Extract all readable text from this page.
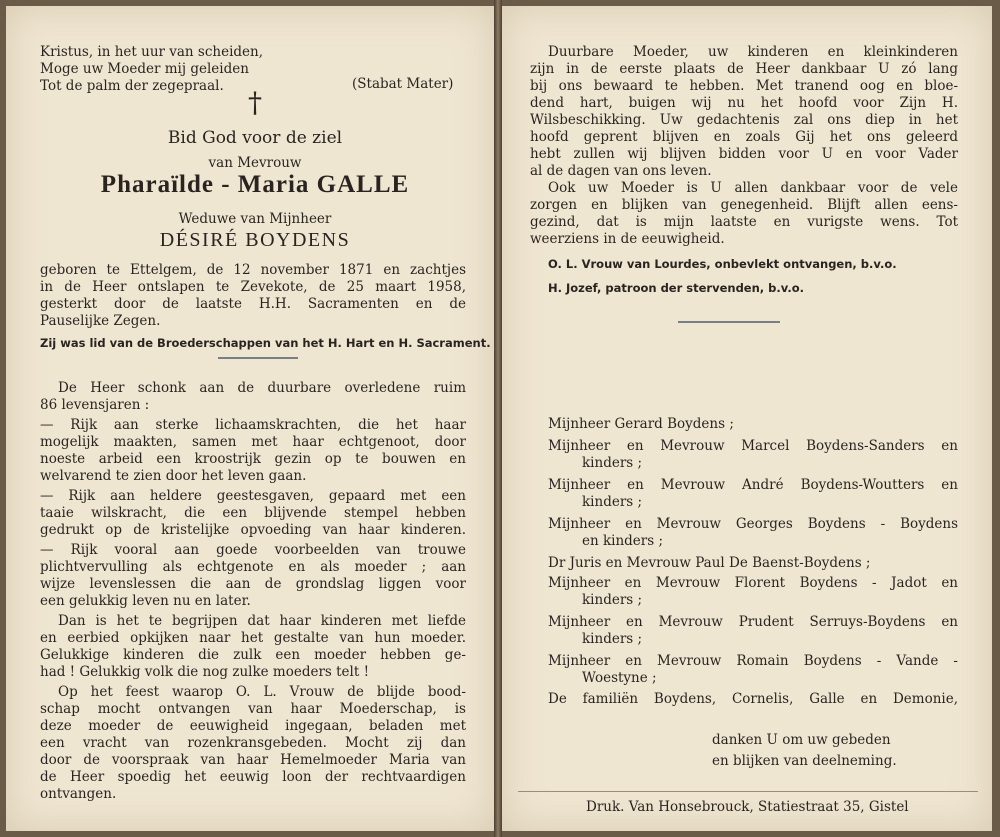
Kristus, in het uur van scheiden,
Moge uw Moeder mij geleiden
Tot de palm der zegepraal.	(Stabat Mater)
†
Bid God voor de ziel
van Mevrouw
Pharaïlde - Maria GALLE
Weduwe van Mijnheer
DÉSIRÉ BOYDENS
geboren te Ettelgem, de 12 november 1871 en zachtjes
in de Heer ontslapen te Zevekote, de 25 maart 1958,
gesterkt door de laatste H.H. Sacramenten en de
Pauselijke Zegen.
Zij was lid van de Broederschappen van het H. Hart en H. Sacrament.
De Heer schonk aan de duurbare overledene ruim
86 levensjaren :
— Rijk aan sterke lichaamskrachten, die het haar
mogelijk maakten, samen met haar echtgenoot, door
noeste arbeid een kroostrijk gezin op te bouwen en
welvarend te zien door het leven gaan.
— Rijk aan heldere geestesgaven, gepaard met een
taaie wilskracht, die een blijvende stempel hebben
gedrukt op de kristelijke opvoeding van haar kinderen.
— Rijk vooral aan goede voorbeelden van trouwe
plichtvervulling als echtgenote en als moeder ; aan
wijze levenslessen die aan de grondslag liggen voor
een gelukkig leven nu en later.
Dan is het te begrijpen dat haar kinderen met liefde
en eerbied opkijken naar het gestalte van hun moeder.
Gelukkige kinderen die zulk een moeder hebben ge-
had ! Gelukkig volk die nog zulke moeders telt !
Op het feest waarop O. L. Vrouw de blijde bood-
schap mocht ontvangen van haar Moederschap, is
deze moeder de eeuwigheid ingegaan, beladen met
een vracht van rozenkransgebeden. Mocht zij dan
door de voorspraak van haar Hemelmoeder Maria van
de Heer spoedig het eeuwig loon der rechtvaardigen
ontvangen.
Duurbare Moeder, uw kinderen en kleinkinderen
zijn in de eerste plaats de Heer dankbaar U zó lang
bij ons bewaard te hebben. Met tranend oog en bloe-
dend hart, buigen wij nu het hoofd voor Zijn H.
Wilsbeschikking. Uw gedachtenis zal ons diep in het
hoofd geprent blijven en zoals Gij het ons geleerd
hebt zullen wij blijven bidden voor U en voor Vader
al de dagen van ons leven.
Ook uw Moeder is U allen dankbaar voor de vele
zorgen en blijken van genegenheid. Blijft allen eens-
gezind, dat is mijn laatste en vurigste wens. Tot
weerziens in de eeuwigheid.
O. L. Vrouw van Lourdes, onbevlekt ontvangen, b.v.o.
H. Jozef, patroon der stervenden, b.v.o.
Mijnheer Gerard Boydens ;
Mijnheer en Mevrouw Marcel Boydens-Sanders en
kinders ;
Mijnheer en Mevrouw André Boydens-Woutters en
kinders ;
Mijnheer en Mevrouw Georges Boydens - Boydens
en kinders ;
Dr Juris en Mevrouw Paul De Baenst-Boydens ;
Mijnheer en Mevrouw Florent Boydens - Jadot en
kinders ;
Mijnheer en Mevrouw Prudent Serruys-Boydens en
kinders ;
Mijnheer en Mevrouw Romain Boydens - Vande -
Woestyne ;
De familiën Boydens, Cornelis, Galle en Demonie,
danken U om uw gebeden
en blijken van deelneming.
Druk. Van Honsebrouck, Statiestraat 35, Gistel
